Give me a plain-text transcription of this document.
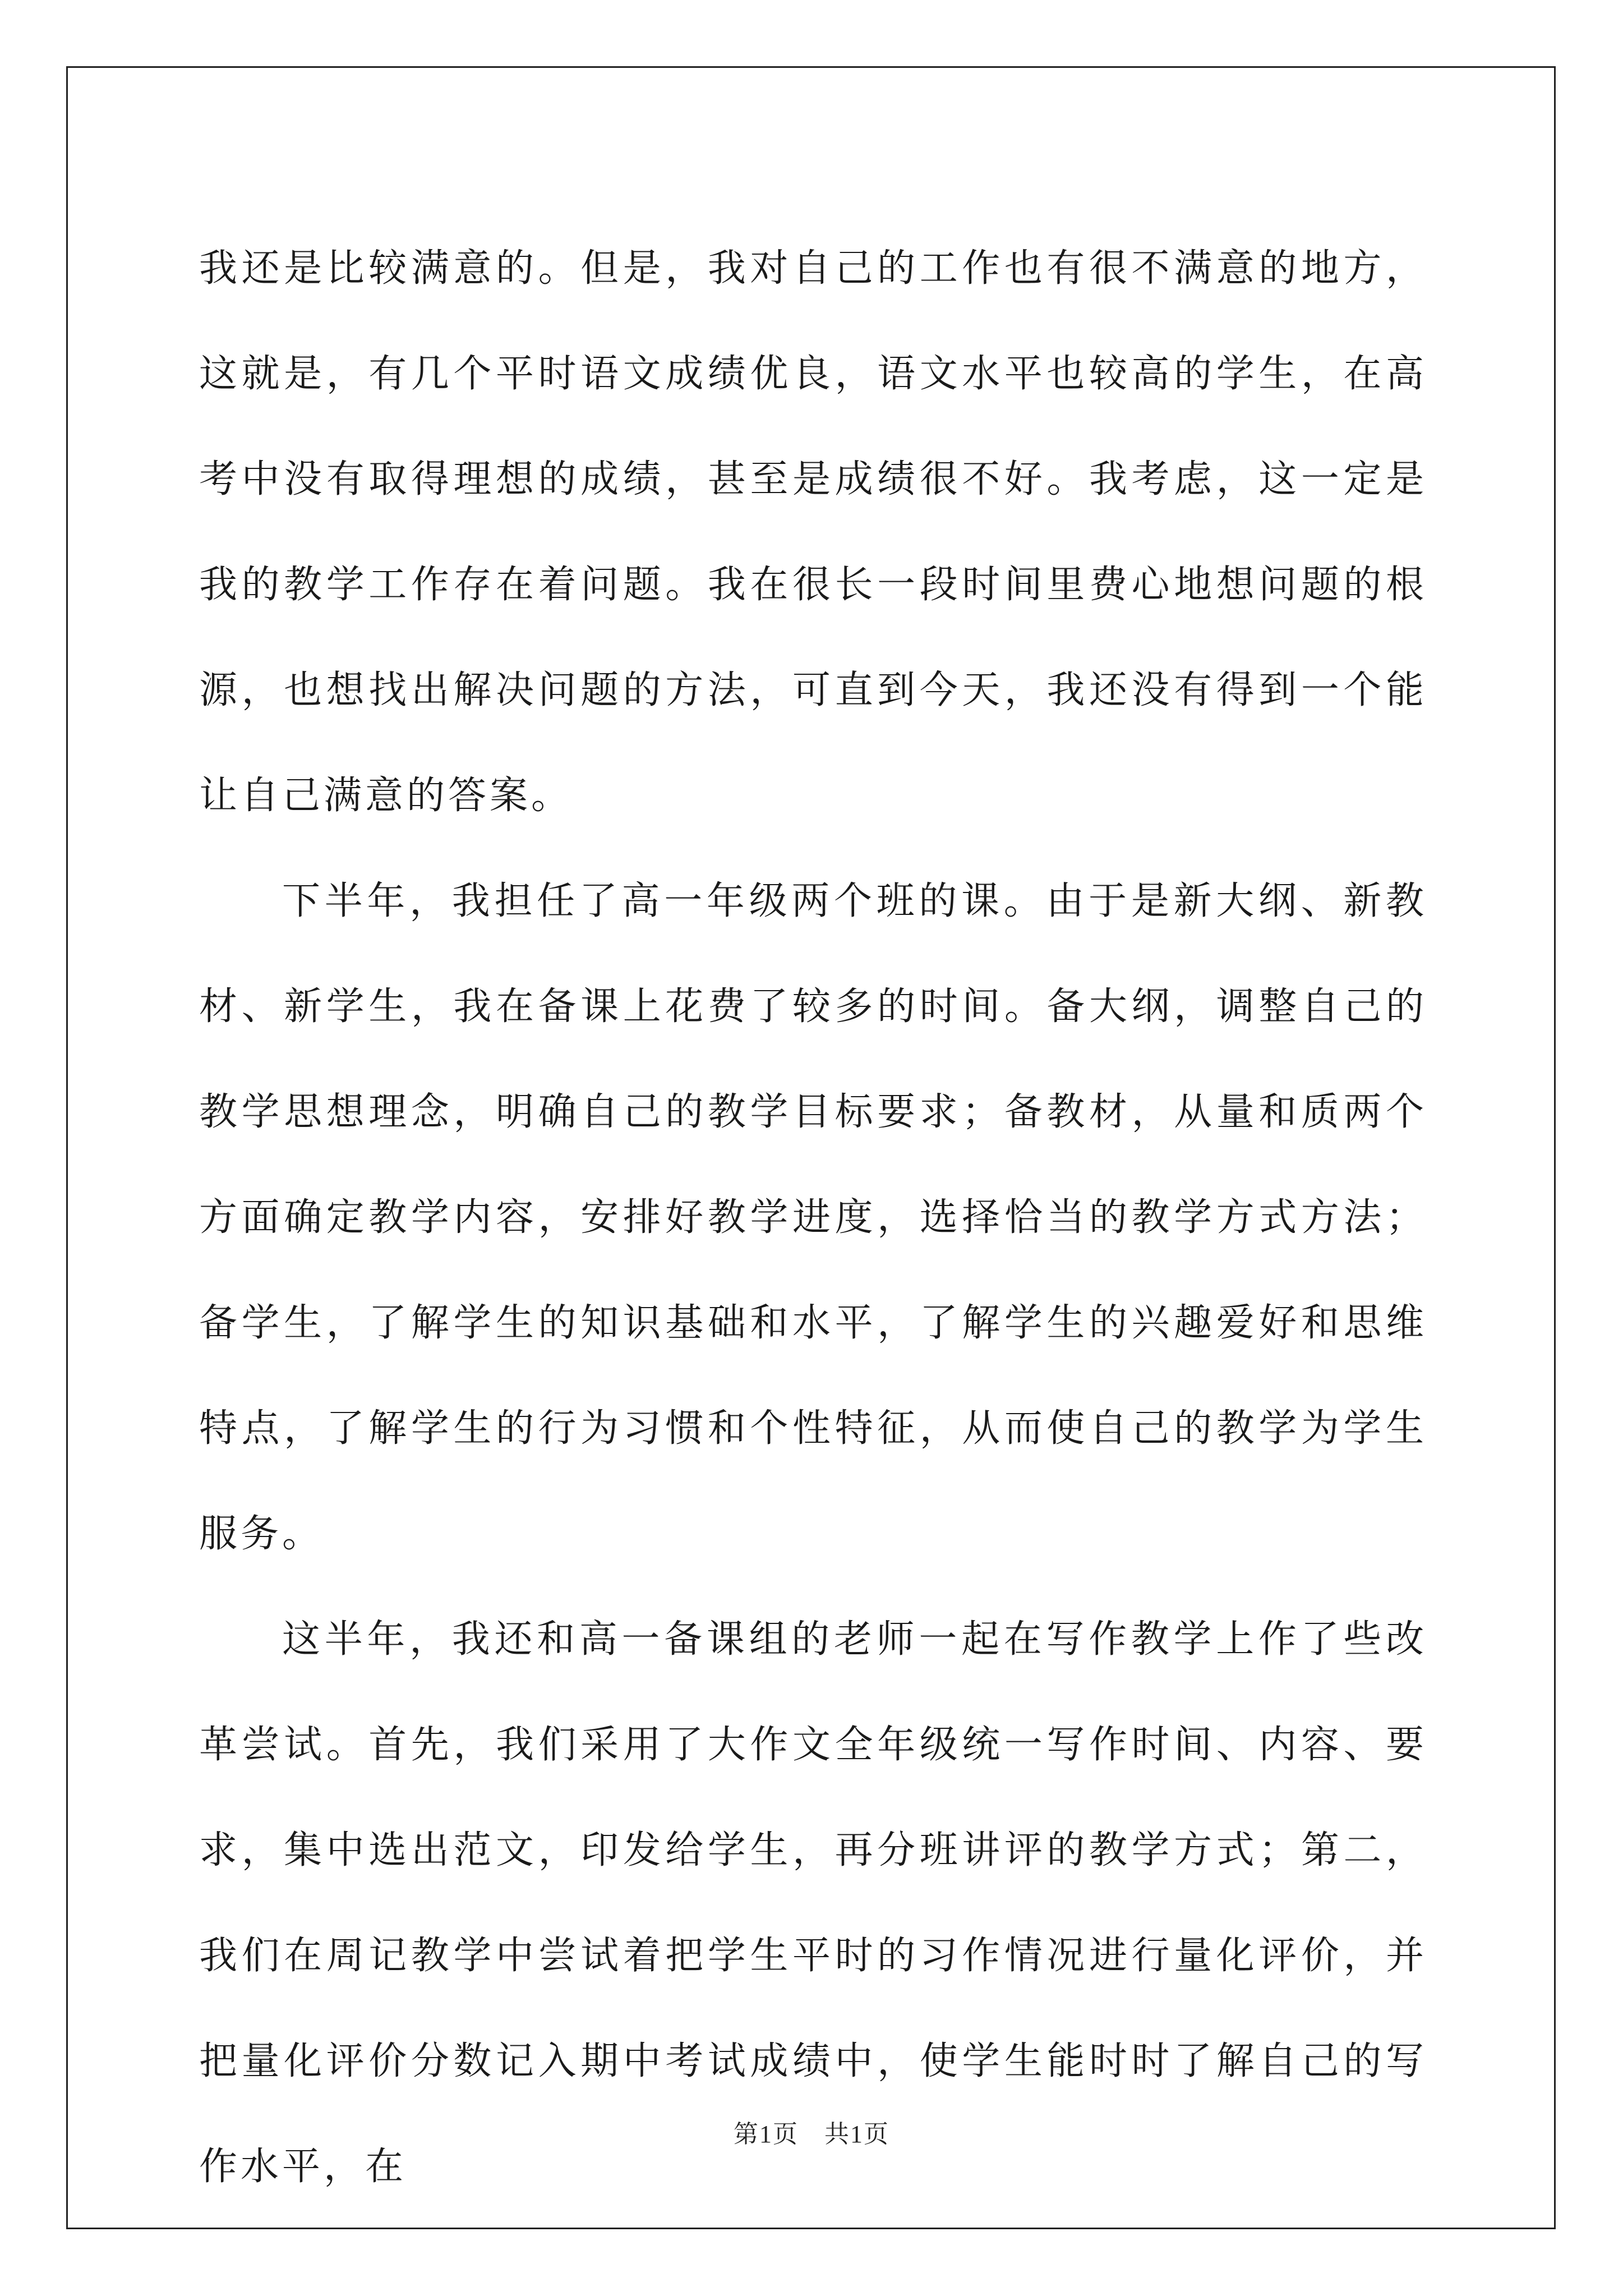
我还是比较满意的。但是，我对自己的工作也有很不满意的地方，这就是，有几个平时语文成绩优良，语文水平也较高的学生，在高考中没有取得理想的成绩，甚至是成绩很不好。我考虑，这一定是我的教学工作存在着问题。我在很长一段时间里费心地想问题的根源，也想找出解决问题的方法，可直到今天，我还没有得到一个能让自己满意的答案。

下半年，我担任了高一年级两个班的课。由于是新大纲、新教材、新学生，我在备课上花费了较多的时间。备大纲，调整自己的教学思想理念，明确自己的教学目标要求；备教材，从量和质两个方面确定教学内容，安排好教学进度，选择恰当的教学方式方法；备学生，了解学生的知识基础和水平，了解学生的兴趣爱好和思维特点，了解学生的行为习惯和个性特征，从而使自己的教学为学生服务。

这半年，我还和高一备课组的老师一起在写作教学上作了些改革尝试。首先，我们采用了大作文全年级统一写作时间、内容、要求，集中选出范文，印发给学生，再分班讲评的教学方式；第二，我们在周记教学中尝试着把学生平时的习作情况进行量化评价，并把量化评价分数记入期中考试成绩中，使学生能时时了解自己的写作水平，在

第1页　共1页
